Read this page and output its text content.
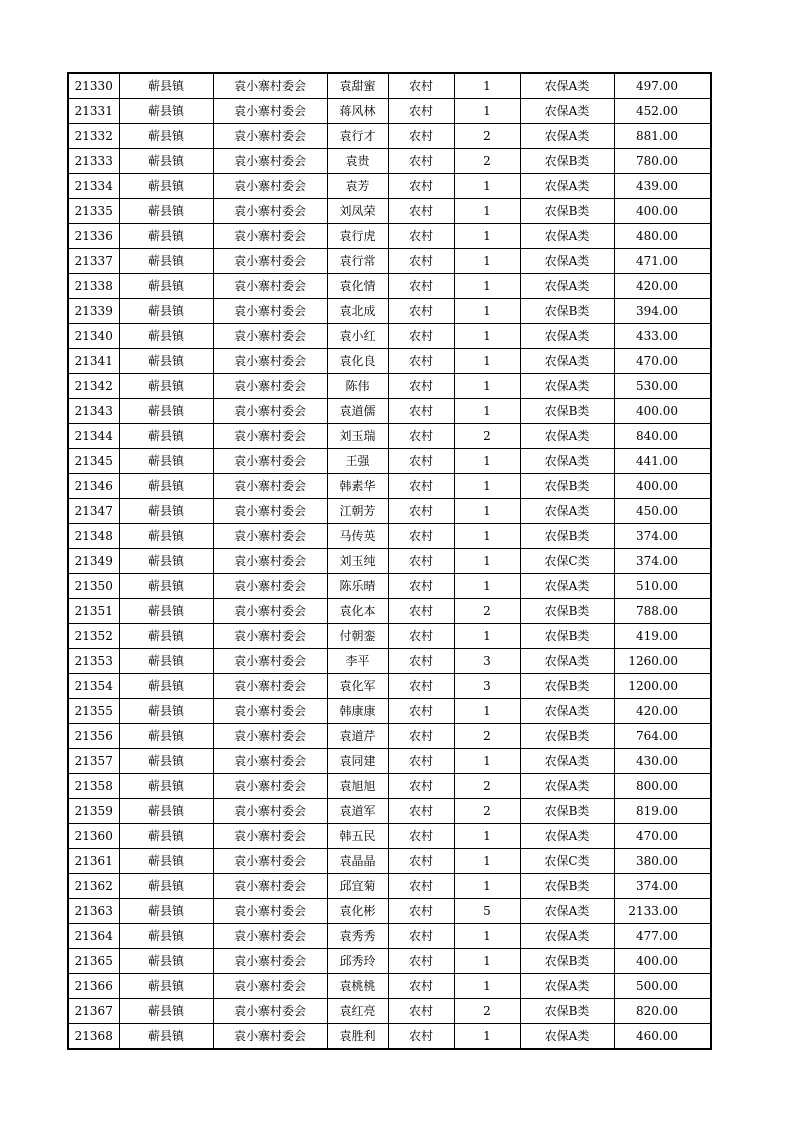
21330	蕲县镇	袁小寨村委会	袁甜蜜	农村	1	农保A类	497.00
21331	蕲县镇	袁小寨村委会	蒋风林	农村	1	农保A类	452.00
21332	蕲县镇	袁小寨村委会	袁行才	农村	2	农保A类	881.00
21333	蕲县镇	袁小寨村委会	袁贵	农村	2	农保B类	780.00
21334	蕲县镇	袁小寨村委会	袁芳	农村	1	农保A类	439.00
21335	蕲县镇	袁小寨村委会	刘凤荣	农村	1	农保B类	400.00
21336	蕲县镇	袁小寨村委会	袁行虎	农村	1	农保A类	480.00
21337	蕲县镇	袁小寨村委会	袁行常	农村	1	农保A类	471.00
21338	蕲县镇	袁小寨村委会	袁化情	农村	1	农保A类	420.00
21339	蕲县镇	袁小寨村委会	袁北成	农村	1	农保B类	394.00
21340	蕲县镇	袁小寨村委会	袁小红	农村	1	农保A类	433.00
21341	蕲县镇	袁小寨村委会	袁化良	农村	1	农保A类	470.00
21342	蕲县镇	袁小寨村委会	陈伟	农村	1	农保A类	530.00
21343	蕲县镇	袁小寨村委会	袁道儒	农村	1	农保B类	400.00
21344	蕲县镇	袁小寨村委会	刘玉瑞	农村	2	农保A类	840.00
21345	蕲县镇	袁小寨村委会	王强	农村	1	农保A类	441.00
21346	蕲县镇	袁小寨村委会	韩素华	农村	1	农保B类	400.00
21347	蕲县镇	袁小寨村委会	江朝芳	农村	1	农保A类	450.00
21348	蕲县镇	袁小寨村委会	马传英	农村	1	农保B类	374.00
21349	蕲县镇	袁小寨村委会	刘玉纯	农村	1	农保C类	374.00
21350	蕲县镇	袁小寨村委会	陈乐晴	农村	1	农保A类	510.00
21351	蕲县镇	袁小寨村委会	袁化本	农村	2	农保B类	788.00
21352	蕲县镇	袁小寨村委会	付朝銮	农村	1	农保B类	419.00
21353	蕲县镇	袁小寨村委会	李平	农村	3	农保A类	1260.00
21354	蕲县镇	袁小寨村委会	袁化军	农村	3	农保B类	1200.00
21355	蕲县镇	袁小寨村委会	韩康康	农村	1	农保A类	420.00
21356	蕲县镇	袁小寨村委会	袁道芹	农村	2	农保B类	764.00
21357	蕲县镇	袁小寨村委会	袁同建	农村	1	农保A类	430.00
21358	蕲县镇	袁小寨村委会	袁旭旭	农村	2	农保A类	800.00
21359	蕲县镇	袁小寨村委会	袁道军	农村	2	农保B类	819.00
21360	蕲县镇	袁小寨村委会	韩五民	农村	1	农保A类	470.00
21361	蕲县镇	袁小寨村委会	袁晶晶	农村	1	农保C类	380.00
21362	蕲县镇	袁小寨村委会	邱宜菊	农村	1	农保B类	374.00
21363	蕲县镇	袁小寨村委会	袁化彬	农村	5	农保A类	2133.00
21364	蕲县镇	袁小寨村委会	袁秀秀	农村	1	农保A类	477.00
21365	蕲县镇	袁小寨村委会	邱秀玲	农村	1	农保B类	400.00
21366	蕲县镇	袁小寨村委会	袁桃桃	农村	1	农保A类	500.00
21367	蕲县镇	袁小寨村委会	袁红亮	农村	2	农保B类	820.00
21368	蕲县镇	袁小寨村委会	袁胜利	农村	1	农保A类	460.00
